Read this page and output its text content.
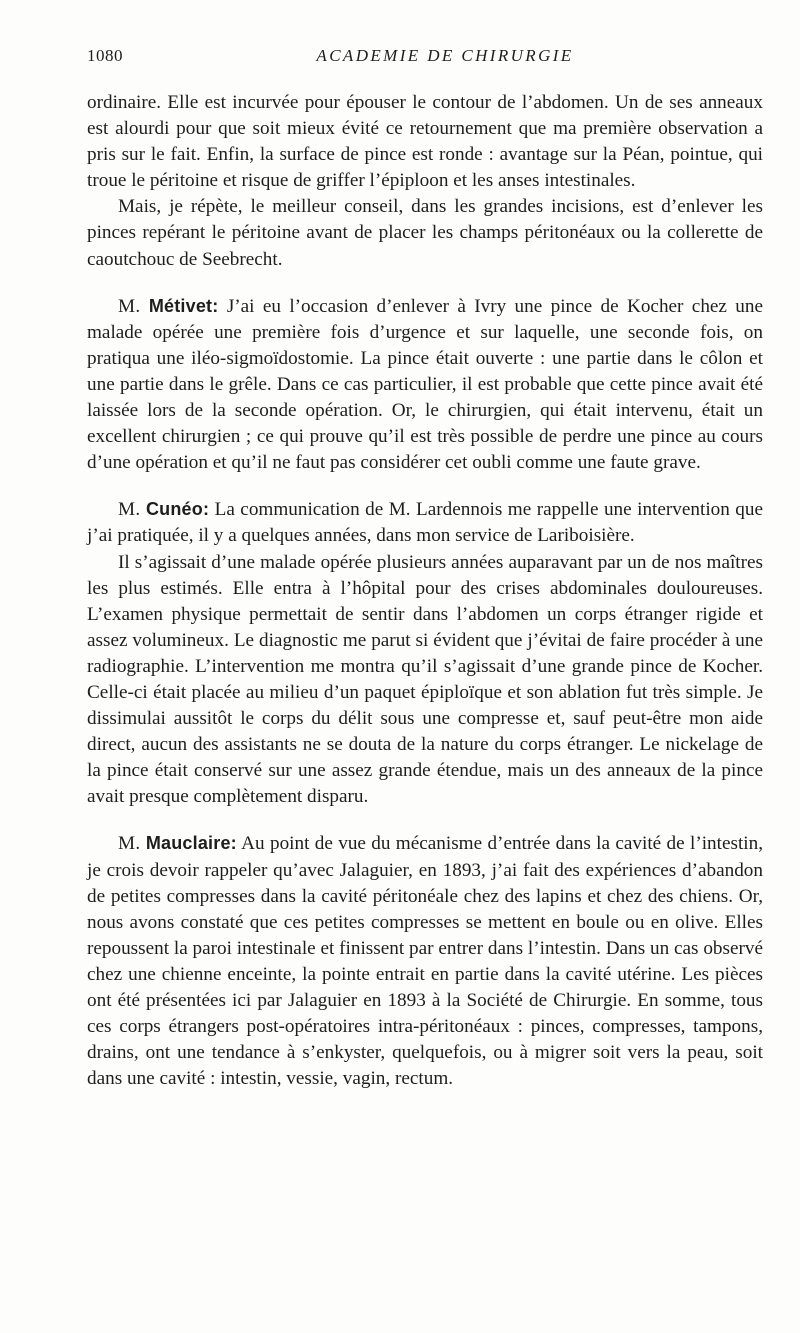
1080	ACADEMIE DE CHIRURGIE

ordinaire. Elle est incurvée pour épouser le contour de l’abdomen. Un de ses anneaux est alourdi pour que soit mieux évité ce retournement que ma première observation a pris sur le fait. Enfin, la surface de pince est ronde : avantage sur la Péan, pointue, qui troue le péritoine et risque de griffer l’épiploon et les anses intestinales.

Mais, je répète, le meilleur conseil, dans les grandes incisions, est d’enlever les pinces repérant le péritoine avant de placer les champs péritonéaux ou la collerette de caoutchouc de Seebrecht.

M. Métivet: J’ai eu l’occasion d’enlever à Ivry une pince de Kocher chez une malade opérée une première fois d’urgence et sur laquelle, une seconde fois, on pratiqua une iléo-sigmoïdostomie. La pince était ouverte : une partie dans le côlon et une partie dans le grêle. Dans ce cas particulier, il est probable que cette pince avait été laissée lors de la seconde opération. Or, le chirurgien, qui était intervenu, était un excellent chirurgien ; ce qui prouve qu’il est très possible de perdre une pince au cours d’une opération et qu’il ne faut pas considérer cet oubli comme une faute grave.

M. Cunéo: La communication de M. Lardennois me rappelle une intervention que j’ai pratiquée, il y a quelques années, dans mon service de Lariboisière.

Il s’agissait d’une malade opérée plusieurs années auparavant par un de nos maîtres les plus estimés. Elle entra à l’hôpital pour des crises abdominales douloureuses. L’examen physique permettait de sentir dans l’abdomen un corps étranger rigide et assez volumineux. Le diagnostic me parut si évident que j’évitai de faire procéder à une radiographie. L’intervention me montra qu’il s’agissait d’une grande pince de Kocher. Celle-ci était placée au milieu d’un paquet épiploïque et son ablation fut très simple. Je dissimulai aussitôt le corps du délit sous une compresse et, sauf peut-être mon aide direct, aucun des assistants ne se douta de la nature du corps étranger. Le nickelage de la pince était conservé sur une assez grande étendue, mais un des anneaux de la pince avait presque complètement disparu.

M. Mauclaire: Au point de vue du mécanisme d’entrée dans la cavité de l’intestin, je crois devoir rappeler qu’avec Jalaguier, en 1893, j’ai fait des expériences d’abandon de petites compresses dans la cavité péritonéale chez des lapins et chez des chiens. Or, nous avons constaté que ces petites compresses se mettent en boule ou en olive. Elles repoussent la paroi intestinale et finissent par entrer dans l’intestin. Dans un cas observé chez une chienne enceinte, la pointe entrait en partie dans la cavité utérine. Les pièces ont été présentées ici par Jalaguier en 1893 à la Société de Chirurgie. En somme, tous ces corps étrangers post-opératoires intra-péritonéaux : pinces, compresses, tampons, drains, ont une tendance à s’enkyster, quelquefois, ou à migrer soit vers la peau, soit dans une cavité : intestin, vessie, vagin, rectum.
